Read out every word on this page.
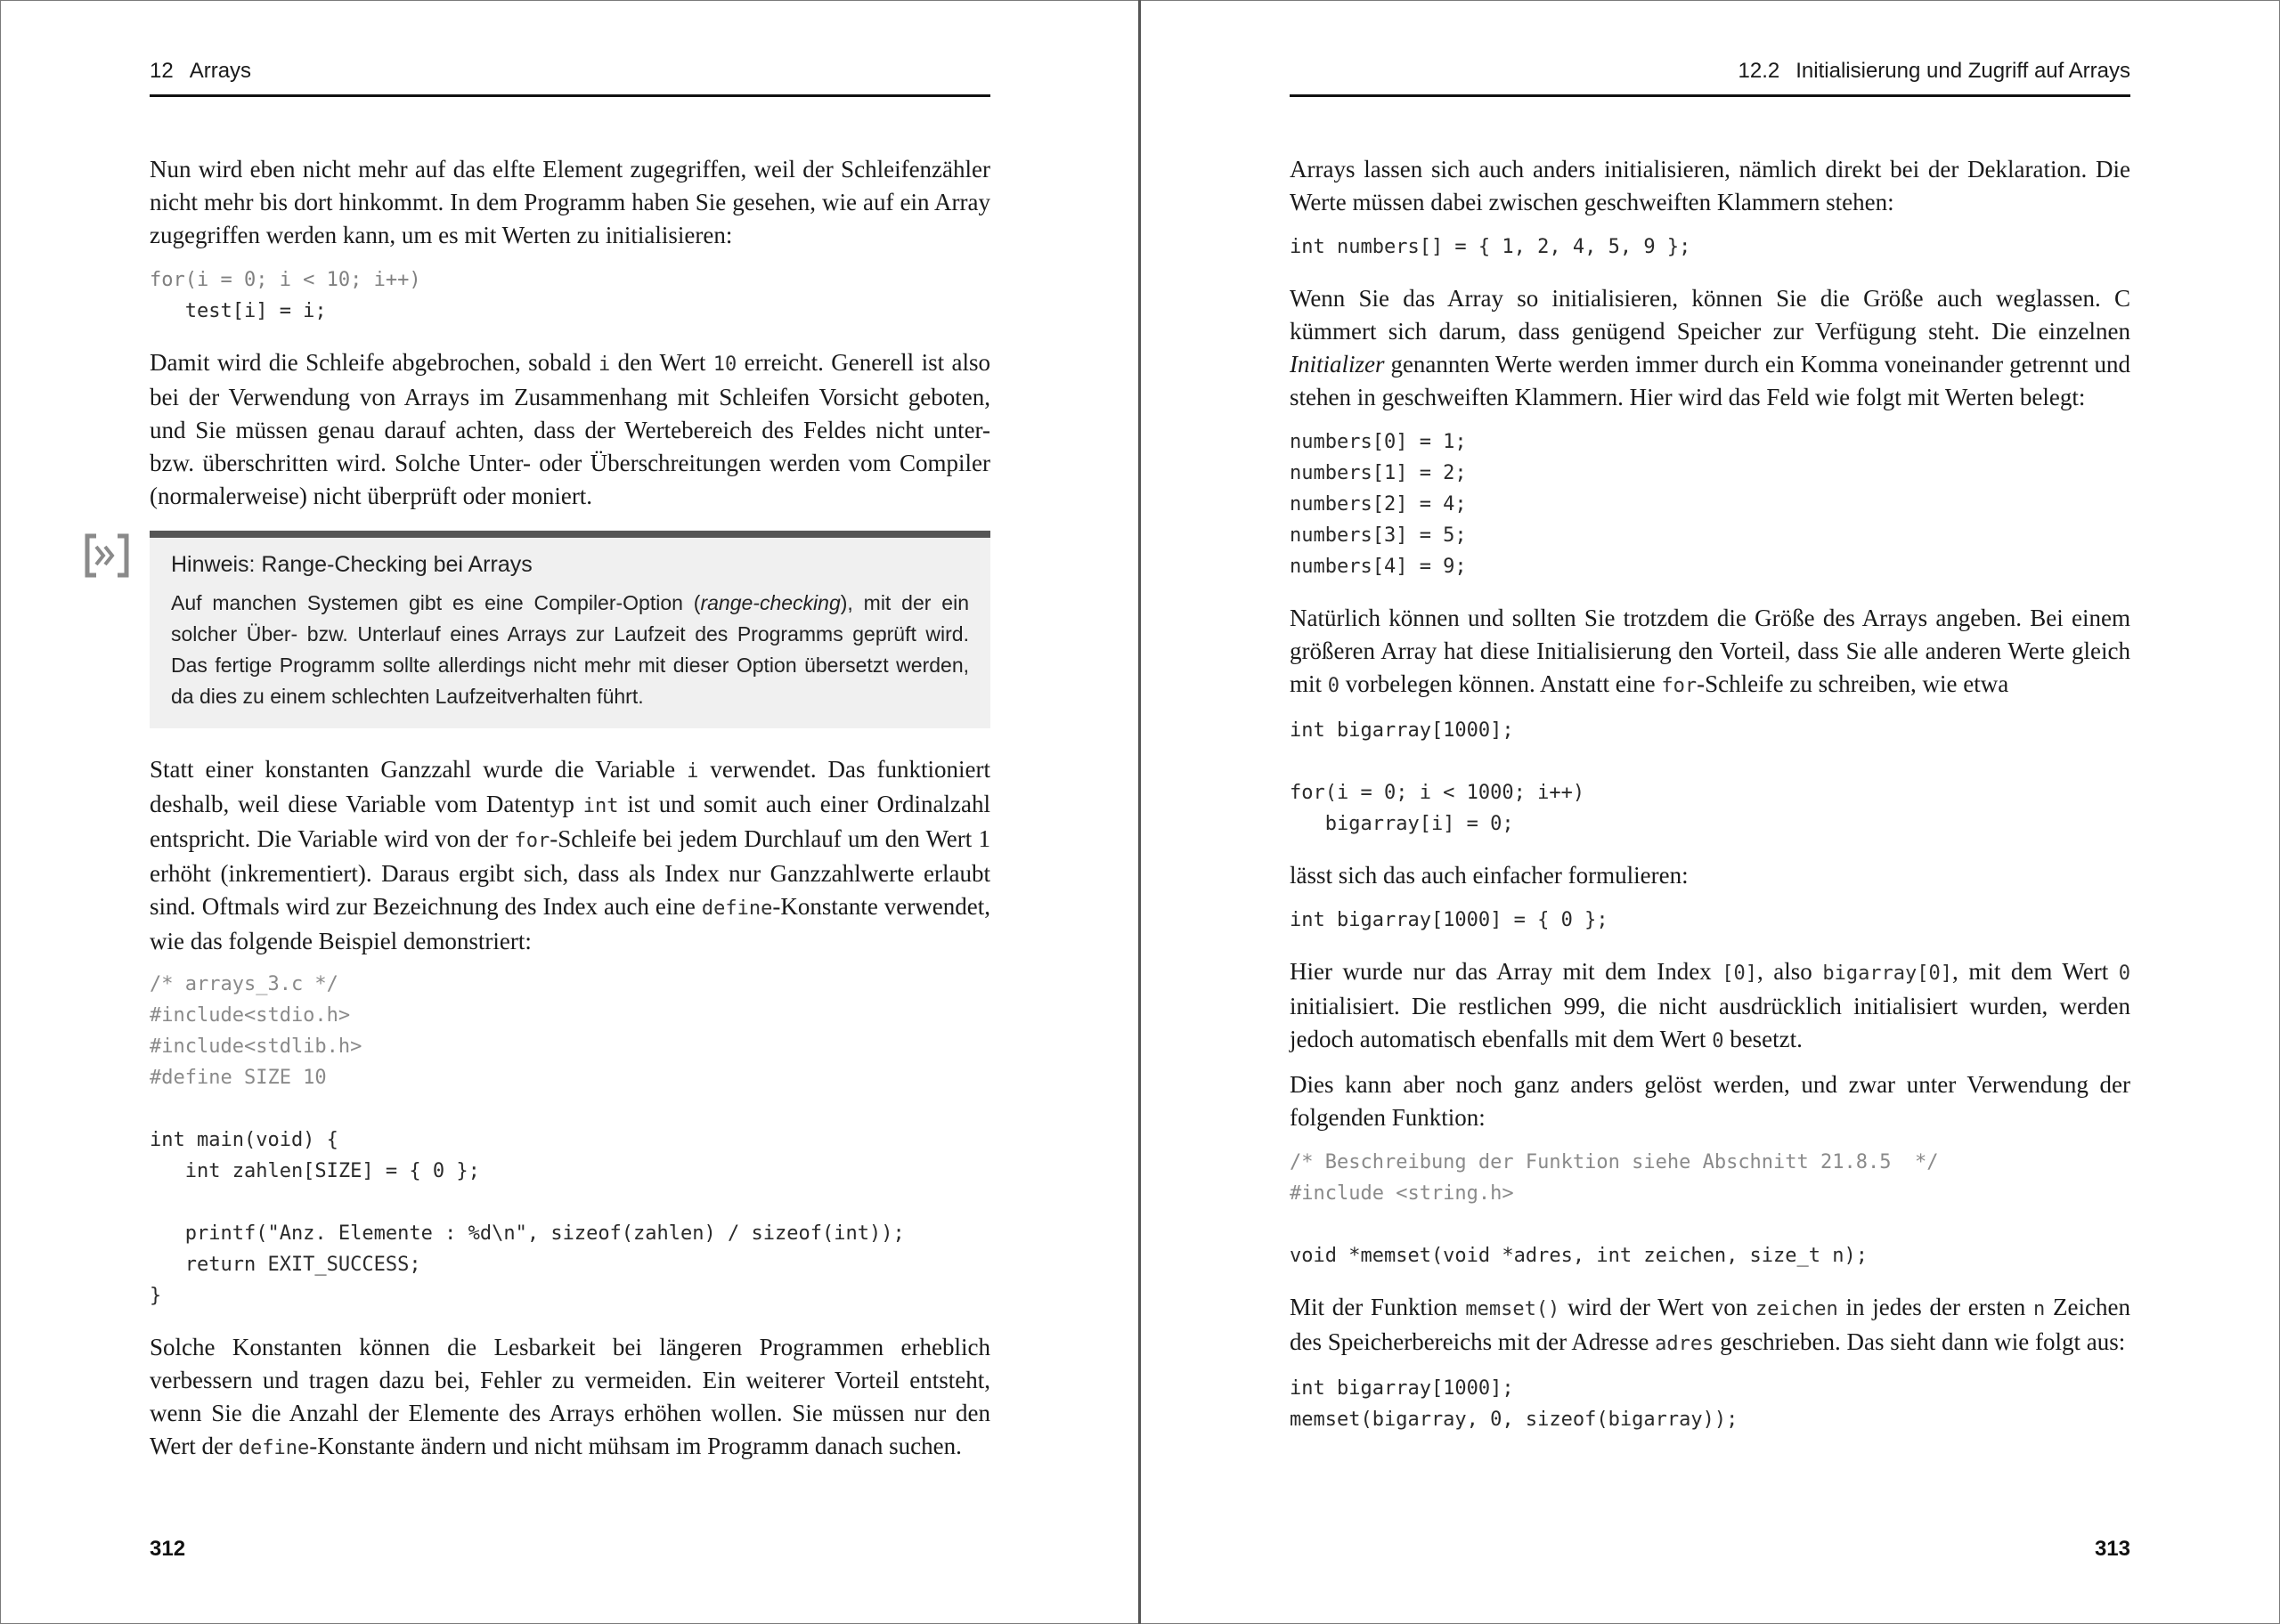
12 Arrays

Nun wird eben nicht mehr auf das elfte Element zugegriffen, weil der Schleifenzähler nicht mehr bis dort hinkommt. In dem Programm haben Sie gesehen, wie auf ein Array zugegriffen werden kann, um es mit Werten zu initialisieren:

for(i = 0; i < 10; i++)
test[i] = i;

Damit wird die Schleife abgebrochen, sobald i den Wert 10 erreicht. Generell ist also bei der Verwendung von Arrays im Zusammenhang mit Schleifen Vorsicht geboten, und Sie müssen genau darauf achten, dass der Wertebereich des Feldes nicht unter- bzw. überschritten wird. Solche Unter- oder Überschreitungen werden vom Compiler (normalerweise) nicht überprüft oder moniert.

Hinweis: Range-Checking bei Arrays
Auf manchen Systemen gibt es eine Compiler-Option (range-checking), mit der ein solcher Über- bzw. Unterlauf eines Arrays zur Laufzeit des Programms geprüft wird. Das fertige Programm sollte allerdings nicht mehr mit dieser Option übersetzt werden, da dies zu einem schlechten Laufzeitverhalten führt.

Statt einer konstanten Ganzzahl wurde die Variable i verwendet. Das funktioniert deshalb, weil diese Variable vom Datentyp int ist und somit auch einer Ordinalzahl entspricht. Die Variable wird von der for-Schleife bei jedem Durchlauf um den Wert 1 erhöht (inkrementiert). Daraus ergibt sich, dass als Index nur Ganzzahlwerte erlaubt sind. Oftmals wird zur Bezeichnung des Index auch eine define-Konstante verwendet, wie das folgende Beispiel demonstriert:

/* arrays_3.c */
#include<stdio.h>
#include<stdlib.h>
#define SIZE 10

int main(void) {
int zahlen[SIZE] = { 0 };

printf("Anz. Elemente : %d\n", sizeof(zahlen) / sizeof(int));
return EXIT_SUCCESS;
}

Solche Konstanten können die Lesbarkeit bei längeren Programmen erheblich verbessern und tragen dazu bei, Fehler zu vermeiden. Ein weiterer Vorteil entsteht, wenn Sie die Anzahl der Elemente des Arrays erhöhen wollen. Sie müssen nur den Wert der define-Konstante ändern und nicht mühsam im Programm danach suchen.

312
12.2 Initialisierung und Zugriff auf Arrays

Arrays lassen sich auch anders initialisieren, nämlich direkt bei der Deklaration. Die Werte müssen dabei zwischen geschweiften Klammern stehen:

int numbers[] = { 1, 2, 4, 5, 9 };

Wenn Sie das Array so initialisieren, können Sie die Größe auch weglassen. C kümmert sich darum, dass genügend Speicher zur Verfügung steht. Die einzelnen Initializer genannten Werte werden immer durch ein Komma voneinander getrennt und stehen in geschweiften Klammern. Hier wird das Feld wie folgt mit Werten belegt:

numbers[0] = 1;
numbers[1] = 2;
numbers[2] = 4;
numbers[3] = 5;
numbers[4] = 9;

Natürlich können und sollten Sie trotzdem die Größe des Arrays angeben. Bei einem größeren Array hat diese Initialisierung den Vorteil, dass Sie alle anderen Werte gleich mit 0 vorbelegen können. Anstatt eine for-Schleife zu schreiben, wie etwa

int bigarray[1000];

for(i = 0; i < 1000; i++)
bigarray[i] = 0;

lässt sich das auch einfacher formulieren:

int bigarray[1000] = { 0 };

Hier wurde nur das Array mit dem Index [0], also bigarray[0], mit dem Wert 0 initialisiert. Die restlichen 999, die nicht ausdrücklich initialisiert wurden, werden jedoch automatisch ebenfalls mit dem Wert 0 besetzt.

Dies kann aber noch ganz anders gelöst werden, und zwar unter Verwendung der folgenden Funktion:

/* Beschreibung der Funktion siehe Abschnitt 21.8.5  */
#include <string.h>

void *memset(void *adres, int zeichen, size_t n);

Mit der Funktion memset() wird der Wert von zeichen in jedes der ersten n Zeichen des Speicherbereichs mit der Adresse adres geschrieben. Das sieht dann wie folgt aus:

int bigarray[1000];
memset(bigarray, 0, sizeof(bigarray));
313
